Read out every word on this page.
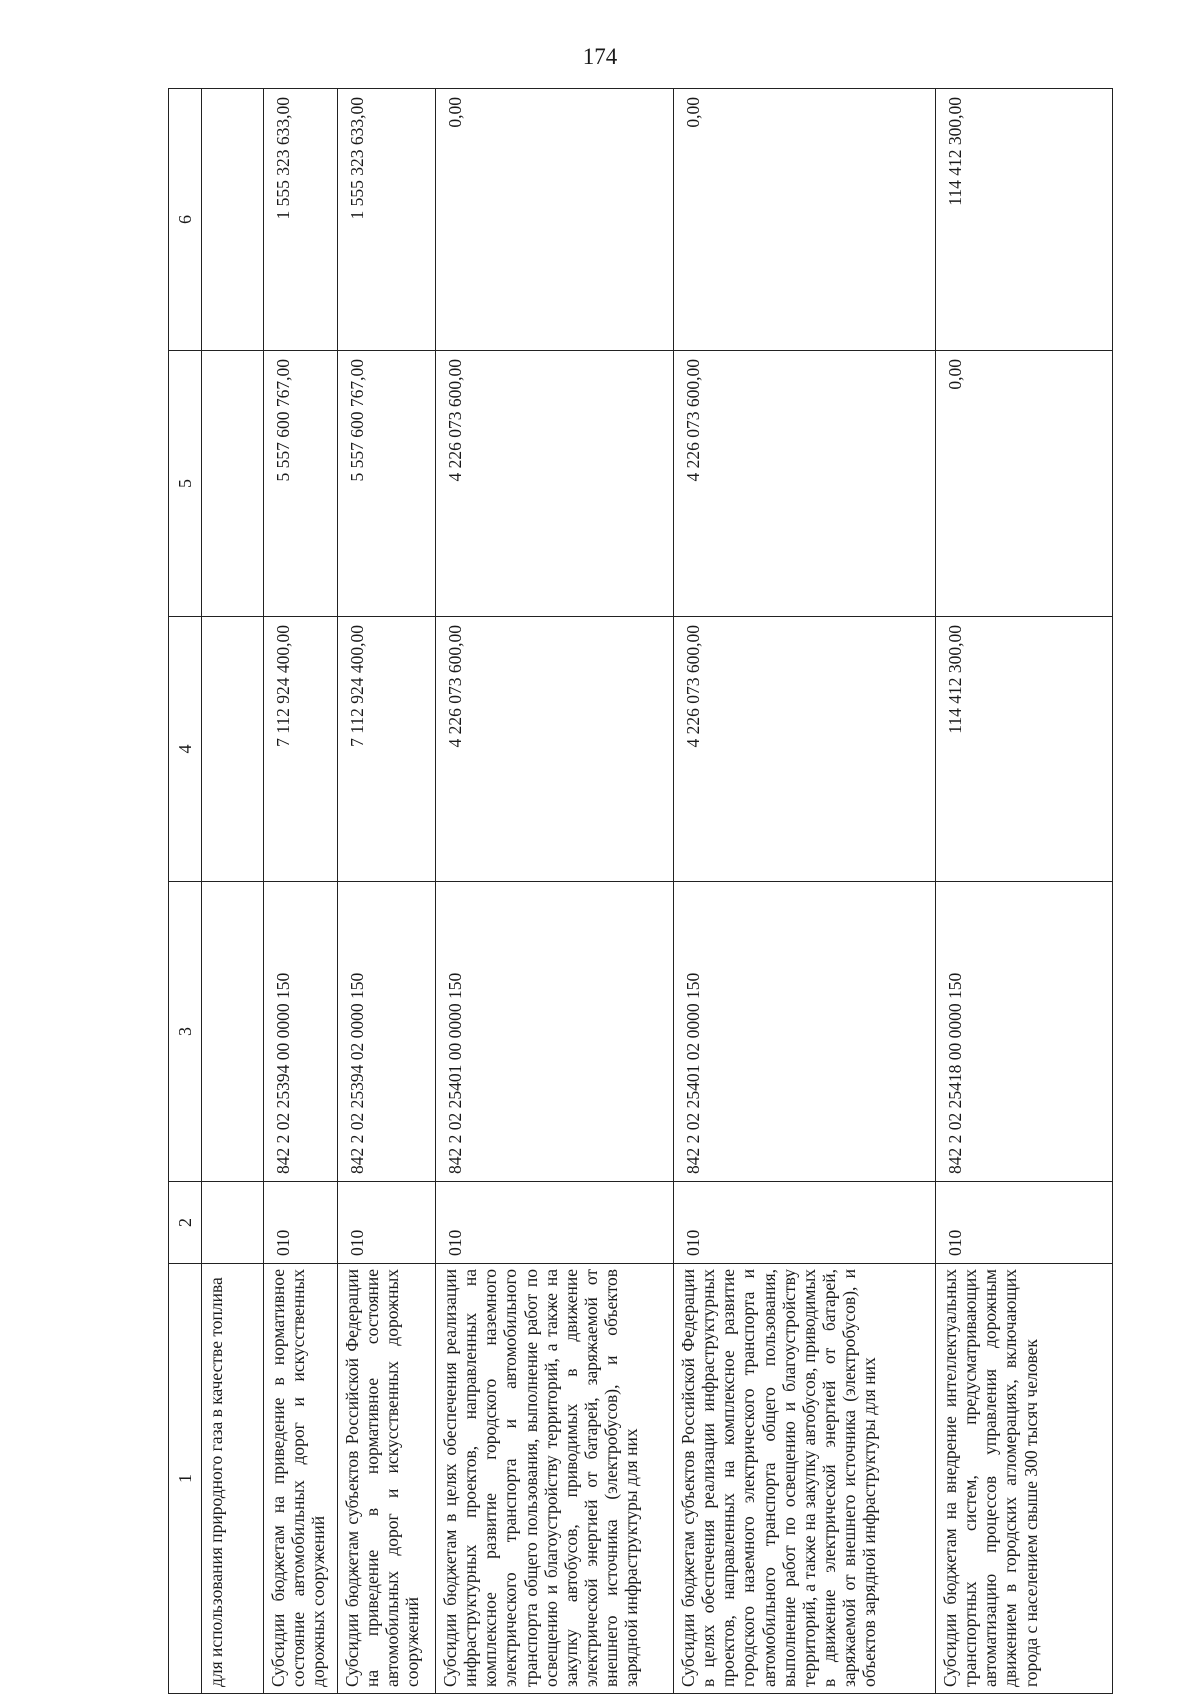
174
1	2	3	4	5	6
для использования природного газа в качестве топлива					
Субсидии бюджетам на приведение в нормативное состояние автомобильных дорог и искусственных дорожных сооружений	010	842 2 02 25394 00 0000 150	7 112 924 400,00	5 557 600 767,00	1 555 323 633,00
Субсидии бюджетам субъектов Российской Федерации на приведение в нормативное состояние автомобильных дорог и искусственных дорожных сооружений	010	842 2 02 25394 02 0000 150	7 112 924 400,00	5 557 600 767,00	1 555 323 633,00
Субсидии бюджетам в целях обеспечения реализации инфраструктурных проектов, направленных на комплексное развитие городского наземного электрического транспорта и автомобильного транспорта общего пользования, выполнение работ по освещению и благоустройству территорий, а также на закупку автобусов, приводимых в движение электрической энергией от батарей, заряжаемой от внешнего источника (электробусов), и объектов зарядной инфраструктуры для них	010	842 2 02 25401 00 0000 150	4 226 073 600,00	4 226 073 600,00	0,00
Субсидии бюджетам субъектов Российской Федерации в целях обеспечения реализации инфраструктурных проектов, направленных на комплексное развитие городского наземного электрического транспорта и автомобильного транспорта общего пользования, выполнение работ по освещению и благоустройству территорий, а также на закупку автобусов, приводимых в движение электрической энергией от батарей, заряжаемой от внешнего источника (электробусов), и объектов зарядной инфраструктуры для них	010	842 2 02 25401 02 0000 150	4 226 073 600,00	4 226 073 600,00	0,00
Субсидии бюджетам на внедрение интеллектуальных транспортных систем, предусматривающих автоматизацию процессов управления дорожным движением в городских агломерациях, включающих города с населением свыше 300 тысяч человек	010	842 2 02 25418 00 0000 150	114 412 300,00	0,00	114 412 300,00
